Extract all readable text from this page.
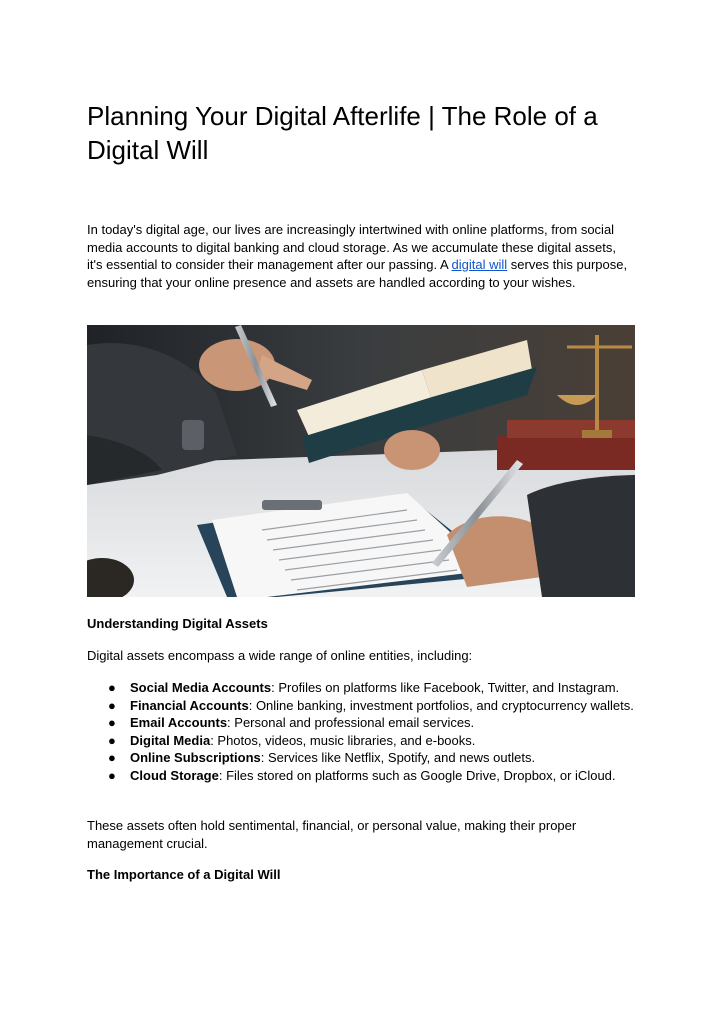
Planning Your Digital Afterlife | The Role of a Digital Will

In today's digital age, our lives are increasingly intertwined with online platforms, from social media accounts to digital banking and cloud storage. As we accumulate these digital assets, it's essential to consider their management after our passing. A digital will serves this purpose, ensuring that your online presence and assets are handled according to your wishes.

Understanding Digital Assets

Digital assets encompass a wide range of online entities, including:

● Social Media Accounts: Profiles on platforms like Facebook, Twitter, and Instagram.
● Financial Accounts: Online banking, investment portfolios, and cryptocurrency wallets.
● Email Accounts: Personal and professional email services.
● Digital Media: Photos, videos, music libraries, and e-books.
● Online Subscriptions: Services like Netflix, Spotify, and news outlets.
● Cloud Storage: Files stored on platforms such as Google Drive, Dropbox, or iCloud.

These assets often hold sentimental, financial, or personal value, making their proper management crucial.

The Importance of a Digital Will
